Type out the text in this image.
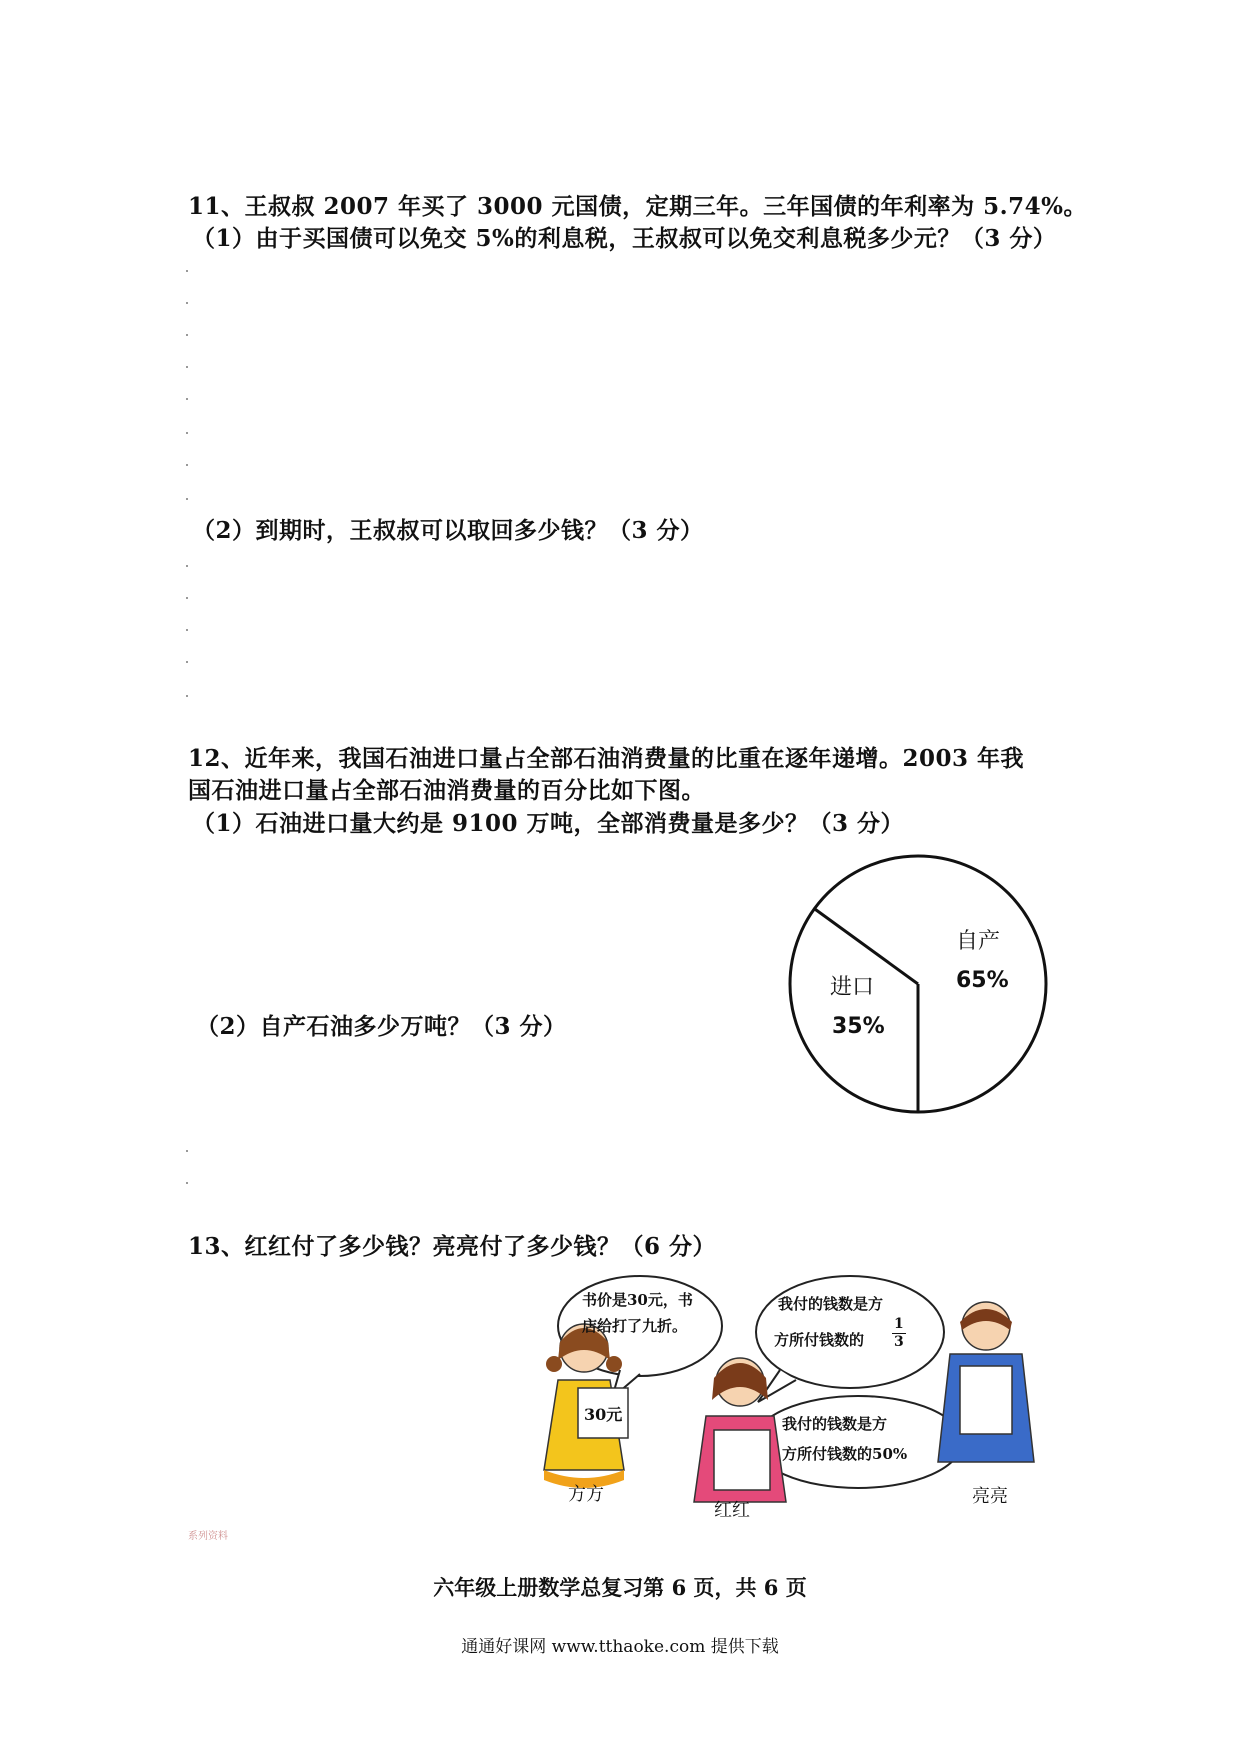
11、王叔叔 2007 年买了 3000 元国债，定期三年。三年国债的年利率为 5.74%。
（1）由于买国债可以免交 5%的利息税，王叔叔可以免交利息税多少元？（3 分）
（2）到期时，王叔叔可以取回多少钱？（3 分）
12、近年来，我国石油进口量占全部石油消费量的比重在逐年递增。2003 年我
国石油进口量占全部石油消费量的百分比如下图。
（1）石油进口量大约是 9100 万吨，全部消费量是多少？（3 分）
（2）自产石油多少万吨？（3 分）
进口
35%
自产
65%
13、红红付了多少钱？亮亮付了多少钱？（6 分）
书价是30元，书
店给打了九折。
我付的钱数是方
方所付钱数的 $\frac{1}{3}$
我付的钱数是方
方所付钱数的50%
30元
方方
红红
亮亮
系列资料
六年级上册数学总复习第 6 页，共 6 页
通通好课网 www.tthaoke.com 提供下载
